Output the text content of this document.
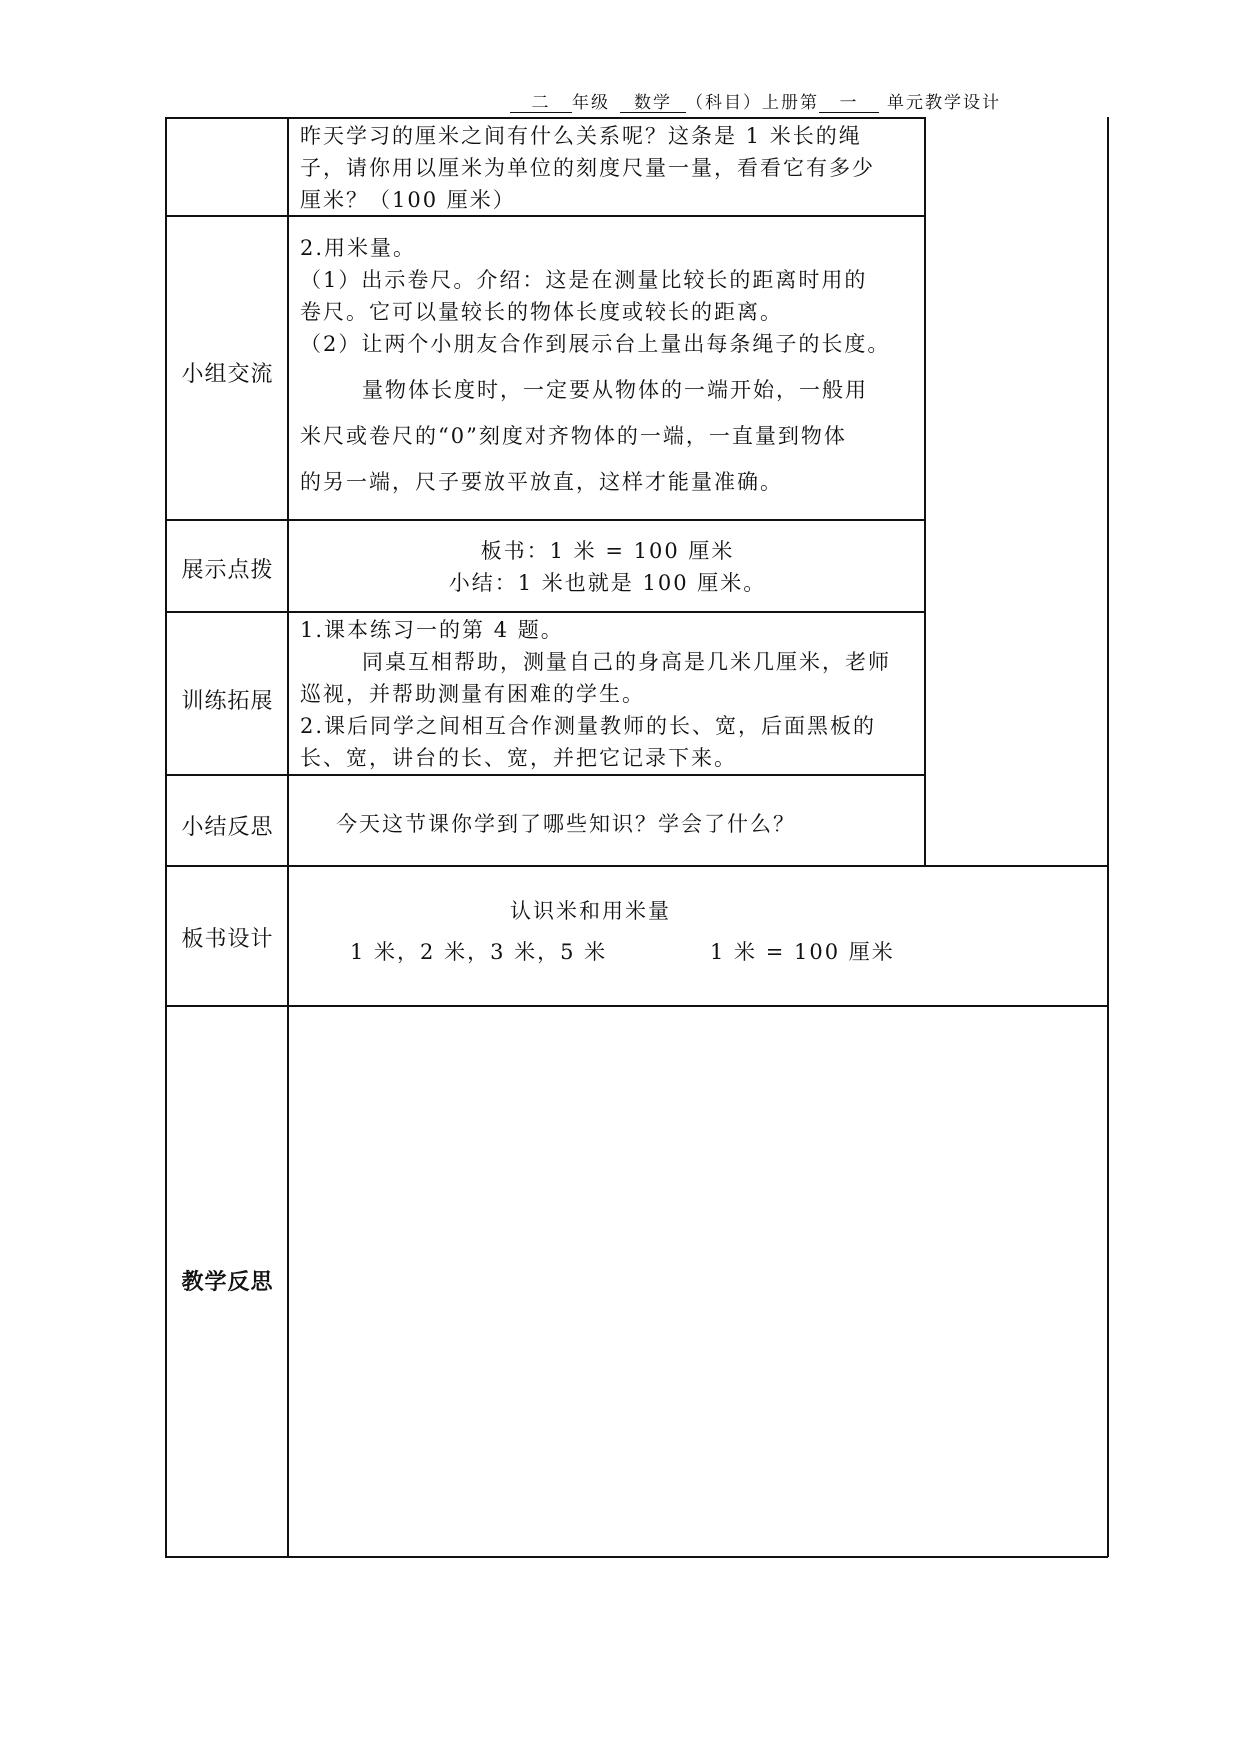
二 年级 数学 （科目）上册第 一 单元教学设计

昨天学习的厘米之间有什么关系呢？这条是 1 米长的绳

子，请你用以厘米为单位的刻度尺量一量，看看它有多少

厘米？（100 厘米）

小组交流

2.用米量。

（1）出示卷尺。介绍：这是在测量比较长的距离时用的

卷尺。它可以量较长的物体长度或较长的距离。

（2）让两个小朋友合作到展示台上量出每条绳子的长度。

量物体长度时，一定要从物体的一端开始，一般用

米尺或卷尺的“0”刻度对齐物体的一端，一直量到物体

的另一端，尺子要放平放直，这样才能量准确。

展示点拨

板书：1 米 = 100 厘米

小结：1 米也就是 100 厘米。

训练拓展

1.课本练习一的第 4 题。

同桌互相帮助，测量自己的身高是几米几厘米，老师

巡视，并帮助测量有困难的学生。

2.课后同学之间相互合作测量教师的长、宽，后面黑板的

长、宽，讲台的长、宽，并把它记录下来。

小结反思	今天这节课你学到了哪些知识？学会了什么？

板书设计
认识米和用米量
1 米，2 米，3 米，5 米	1 米 = 100 厘米
教学反思
